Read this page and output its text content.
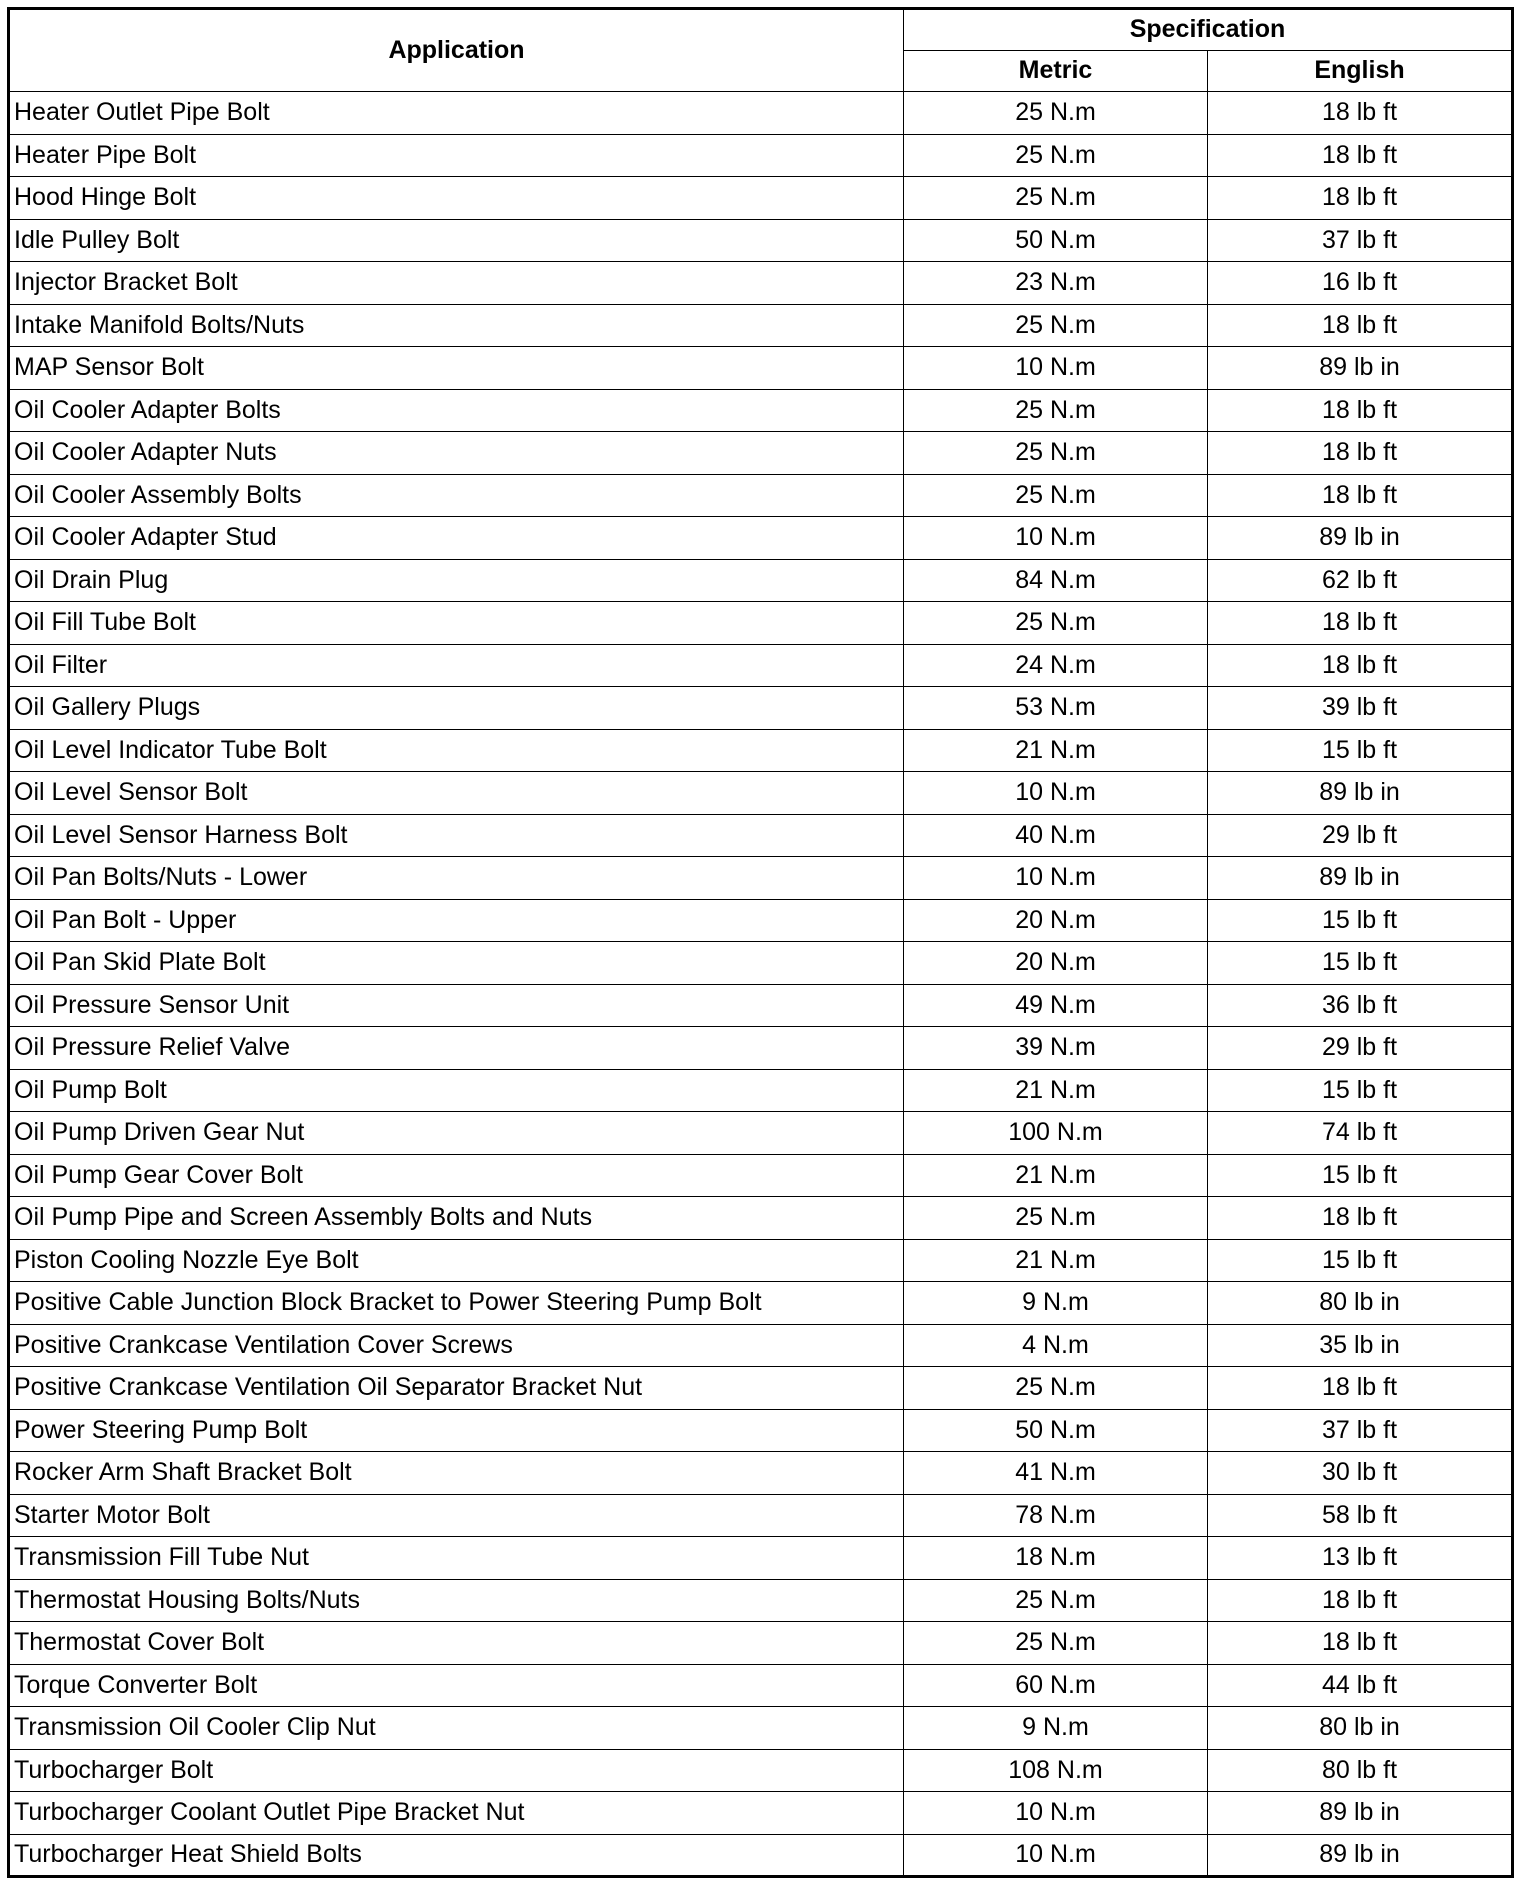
Application	Specification	
	Metric	English
Heater Outlet Pipe Bolt	25 N.m	18 lb ft
Heater Pipe Bolt	25 N.m	18 lb ft
Hood Hinge Bolt	25 N.m	18 lb ft
Idle Pulley Bolt	50 N.m	37 lb ft
Injector Bracket Bolt	23 N.m	16 lb ft
Intake Manifold Bolts/Nuts	25 N.m	18 lb ft
MAP Sensor Bolt	10 N.m	89 lb in
Oil Cooler Adapter Bolts	25 N.m	18 lb ft
Oil Cooler Adapter Nuts	25 N.m	18 lb ft
Oil Cooler Assembly Bolts	25 N.m	18 lb ft
Oil Cooler Adapter Stud	10 N.m	89 lb in
Oil Drain Plug	84 N.m	62 lb ft
Oil Fill Tube Bolt	25 N.m	18 lb ft
Oil Filter	24 N.m	18 lb ft
Oil Gallery Plugs	53 N.m	39 lb ft
Oil Level Indicator Tube Bolt	21 N.m	15 lb ft
Oil Level Sensor Bolt	10 N.m	89 lb in
Oil Level Sensor Harness Bolt	40 N.m	29 lb ft
Oil Pan Bolts/Nuts - Lower	10 N.m	89 lb in
Oil Pan Bolt - Upper	20 N.m	15 lb ft
Oil Pan Skid Plate Bolt	20 N.m	15 lb ft
Oil Pressure Sensor Unit	49 N.m	36 lb ft
Oil Pressure Relief Valve	39 N.m	29 lb ft
Oil Pump Bolt	21 N.m	15 lb ft
Oil Pump Driven Gear Nut	100 N.m	74 lb ft
Oil Pump Gear Cover Bolt	21 N.m	15 lb ft
Oil Pump Pipe and Screen Assembly Bolts and Nuts	25 N.m	18 lb ft
Piston Cooling Nozzle Eye Bolt	21 N.m	15 lb ft
Positive Cable Junction Block Bracket to Power Steering Pump Bolt	9 N.m	80 lb in
Positive Crankcase Ventilation Cover Screws	4 N.m	35 lb in
Positive Crankcase Ventilation Oil Separator Bracket Nut	25 N.m	18 lb ft
Power Steering Pump Bolt	50 N.m	37 lb ft
Rocker Arm Shaft Bracket Bolt	41 N.m	30 lb ft
Starter Motor Bolt	78 N.m	58 lb ft
Transmission Fill Tube Nut	18 N.m	13 lb ft
Thermostat Housing Bolts/Nuts	25 N.m	18 lb ft
Thermostat Cover Bolt	25 N.m	18 lb ft
Torque Converter Bolt	60 N.m	44 lb ft
Transmission Oil Cooler Clip Nut	9 N.m	80 lb in
Turbocharger Bolt	108 N.m	80 lb ft
Turbocharger Coolant Outlet Pipe Bracket Nut	10 N.m	89 lb in
Turbocharger Heat Shield Bolts	10 N.m	89 lb in
